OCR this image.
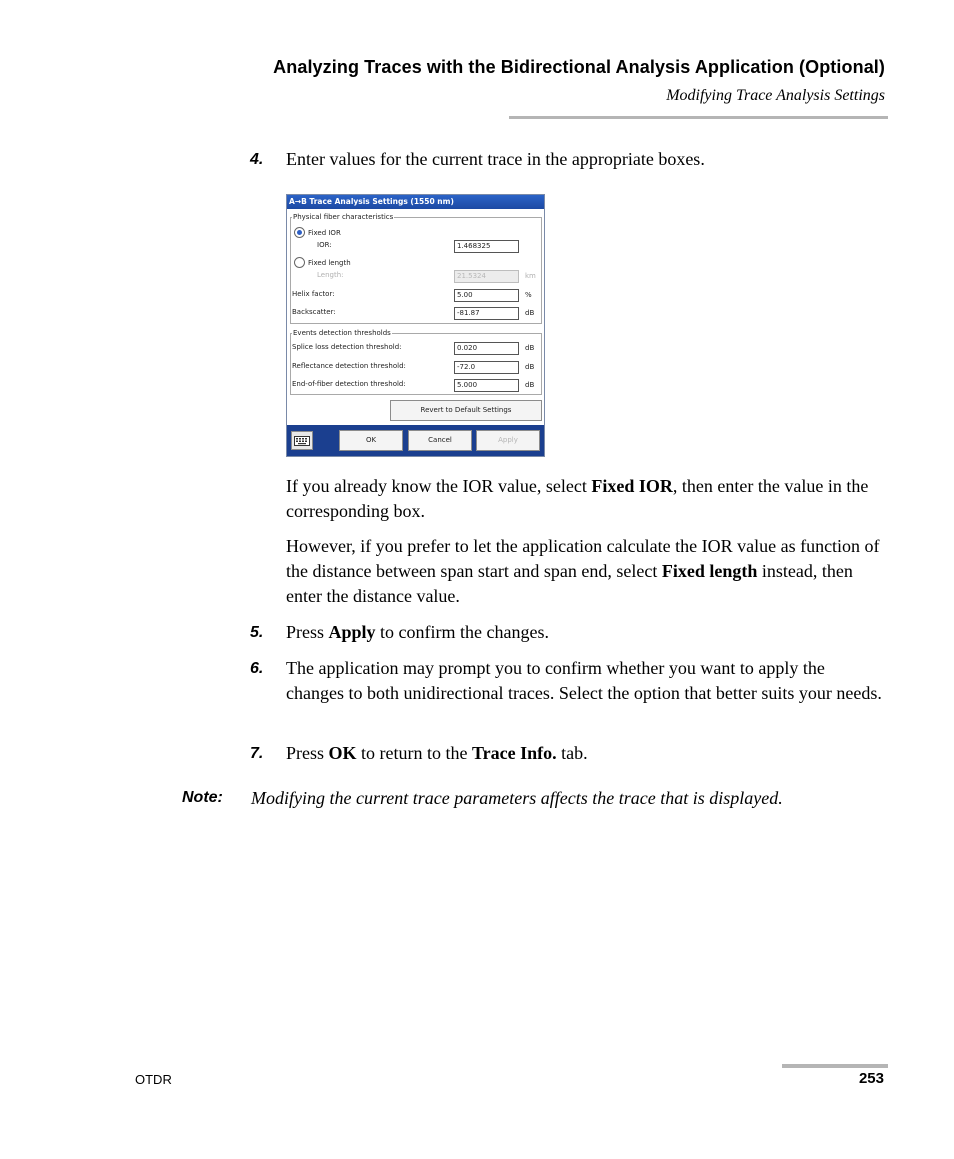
Analyzing Traces with the Bidirectional Analysis Application (Optional)
Modifying Trace Analysis Settings
4. Enter values for the current trace in the appropriate boxes.
A→B Trace Analysis Settings (1550 nm)
Physical fiber characteristics
Fixed IOR
IOR:	1.468325
Fixed length
Length:	21.5324	km
Helix factor:	5.00	%
Backscatter:	-81.87	dB
Events detection thresholds
Splice loss detection threshold:	0.020	dB
Reflectance detection threshold:	-72.0	dB
End-of-fiber detection threshold:	5.000	dB
Revert to Default Settings
OK	Cancel	Apply
If you already know the IOR value, select Fixed IOR, then enter the value in the corresponding box.
However, if you prefer to let the application calculate the IOR value as function of the distance between span start and span end, select Fixed length instead, then enter the distance value.
5. Press Apply to confirm the changes.
6. The application may prompt you to confirm whether you want to apply the changes to both unidirectional traces. Select the option that better suits your needs.
7. Press OK to return to the Trace Info. tab.
Note: Modifying the current trace parameters affects the trace that is displayed.
OTDR	253
